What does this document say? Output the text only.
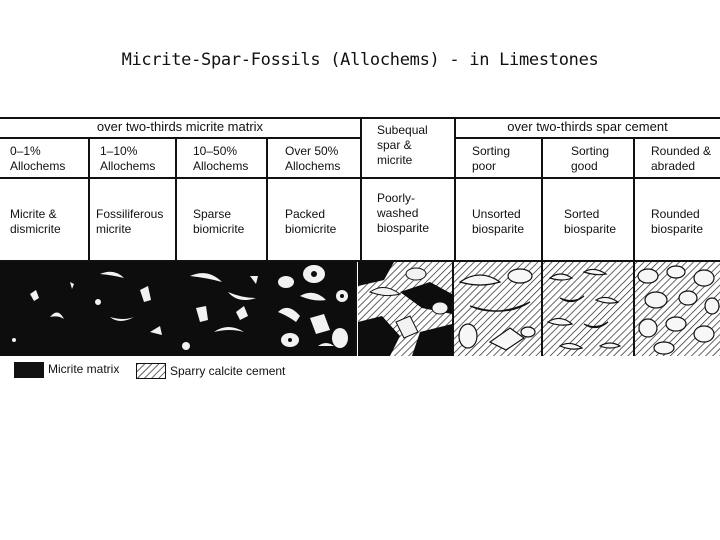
Micrite-Spar-Fossils (Allochems) - in Limestones
over two-thirds micrite matrix	Subequal
spar &
micrite
over two-thirds spar cement
0–1%
Allochems
1–10%
Allochems
10–50%
Allochems
Over 50%
Allochems
Sorting
poor
Sorting
good
Rounded &
abraded
Micrite &
dismicrite
Fossiliferous
micrite
Sparse
biomicrite
Packed
biomicrite
Poorly-
washed
biosparite
Unsorted
biosparite
Sorted
biosparite
Rounded
biosparite
Micrite matrix	Sparry calcite cement
